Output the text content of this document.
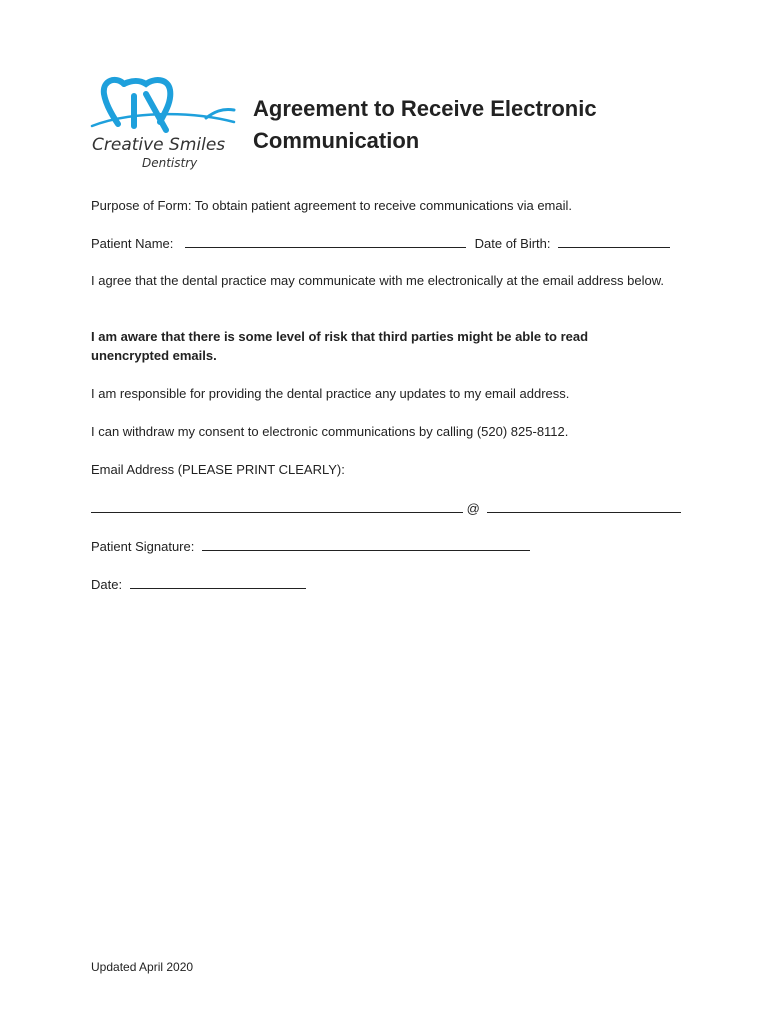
Creative Smiles
Dentistry
Agreement to Receive Electronic
Communication
Purpose of Form: To obtain patient agreement to receive communications via email.
Patient Name:	Date of Birth:
I agree that the dental practice may communicate with me electronically at the email address below.
I am aware that there is some level of risk that third parties might be able to read unencrypted emails.
I am responsible for providing the dental practice any updates to my email address.
I can withdraw my consent to electronic communications by calling (520) 825-8112.
Email Address (PLEASE PRINT CLEARLY):
@
Patient Signature:
Date:
Updated April 2020
